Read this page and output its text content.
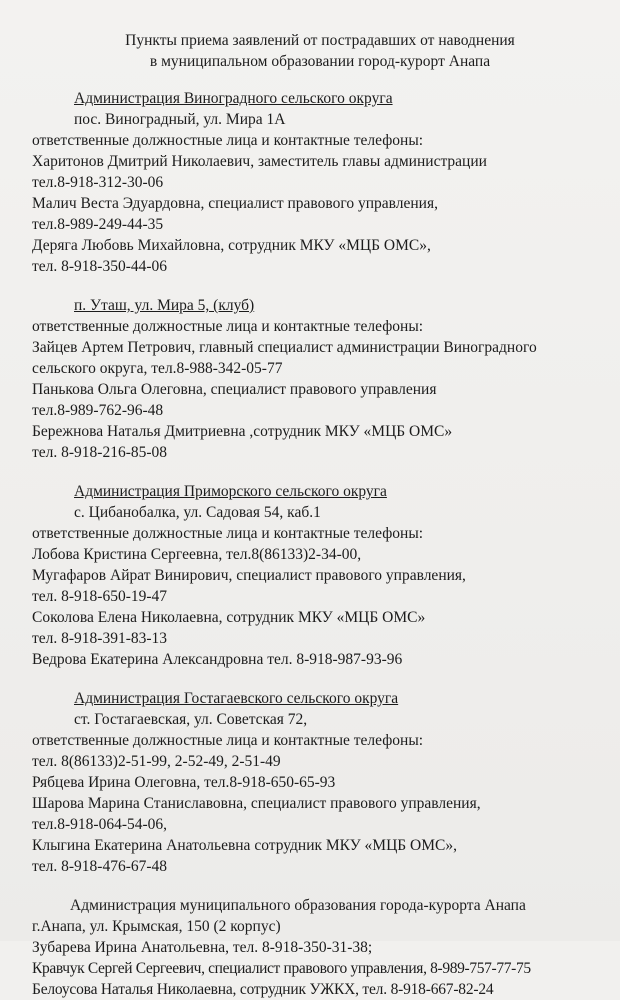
Пункты приема заявлений от пострадавших от наводнения
в муниципальном образовании город-курорт Анапа
Администрация Виноградного сельского округа
пос. Виноградный, ул. Мира 1А
ответственные должностные лица и контактные телефоны:
Харитонов Дмитрий Николаевич, заместитель главы администрации
тел.8-918-312-30-06
Малич Веста Эдуардовна, специалист правового управления,
тел.8-989-249-44-35
Деряга Любовь Михайловна, сотрудник МКУ «МЦБ ОМС»,
тел. 8-918-350-44-06
п. Уташ, ул. Мира 5, (клуб)
ответственные должностные лица и контактные телефоны:
Зайцев Артем Петрович, главный специалист администрации Виноградного
сельского округа, тел.8-988-342-05-77
Панькова Ольга Олеговна, специалист правового управления
тел.8-989-762-96-48
Бережнова Наталья Дмитриевна ,сотрудник МКУ «МЦБ ОМС»
тел. 8-918-216-85-08
Администрация Приморского сельского округа
с. Цибанобалка, ул. Садовая 54, каб.1
ответственные должностные лица и контактные телефоны:
Лобова Кристина Сергеевна, тел.8(86133)2-34-00,
Мугафаров Айрат Винирович, специалист правового управления,
тел. 8-918-650-19-47
Соколова Елена Николаевна, сотрудник МКУ «МЦБ ОМС»
тел. 8-918-391-83-13
Ведрова Екатерина Александровна тел. 8-918-987-93-96
Администрация Гостагаевского сельского округа
ст. Гостагаевская, ул. Советская 72,
ответственные должностные лица и контактные телефоны:
тел. 8(86133)2-51-99, 2-52-49, 2-51-49
Рябцева Ирина Олеговна, тел.8-918-650-65-93
Шарова Марина Станиславовна, специалист правового управления,
тел.8-918-064-54-06,
Клыгина Екатерина Анатольевна сотрудник МКУ «МЦБ ОМС»,
тел. 8-918-476-67-48
Администрация муниципального образования города-курорта Анапа
г.Анапа, ул. Крымская, 150 (2 корпус)
Зубарева Ирина Анатольевна, тел. 8-918-350-31-38;
Кравчук Сергей Сергеевич, специалист правового управления, 8-989-757-77-75
Белоусова Наталья Николаевна, сотрудник УЖКХ, тел. 8-918-667-82-24
